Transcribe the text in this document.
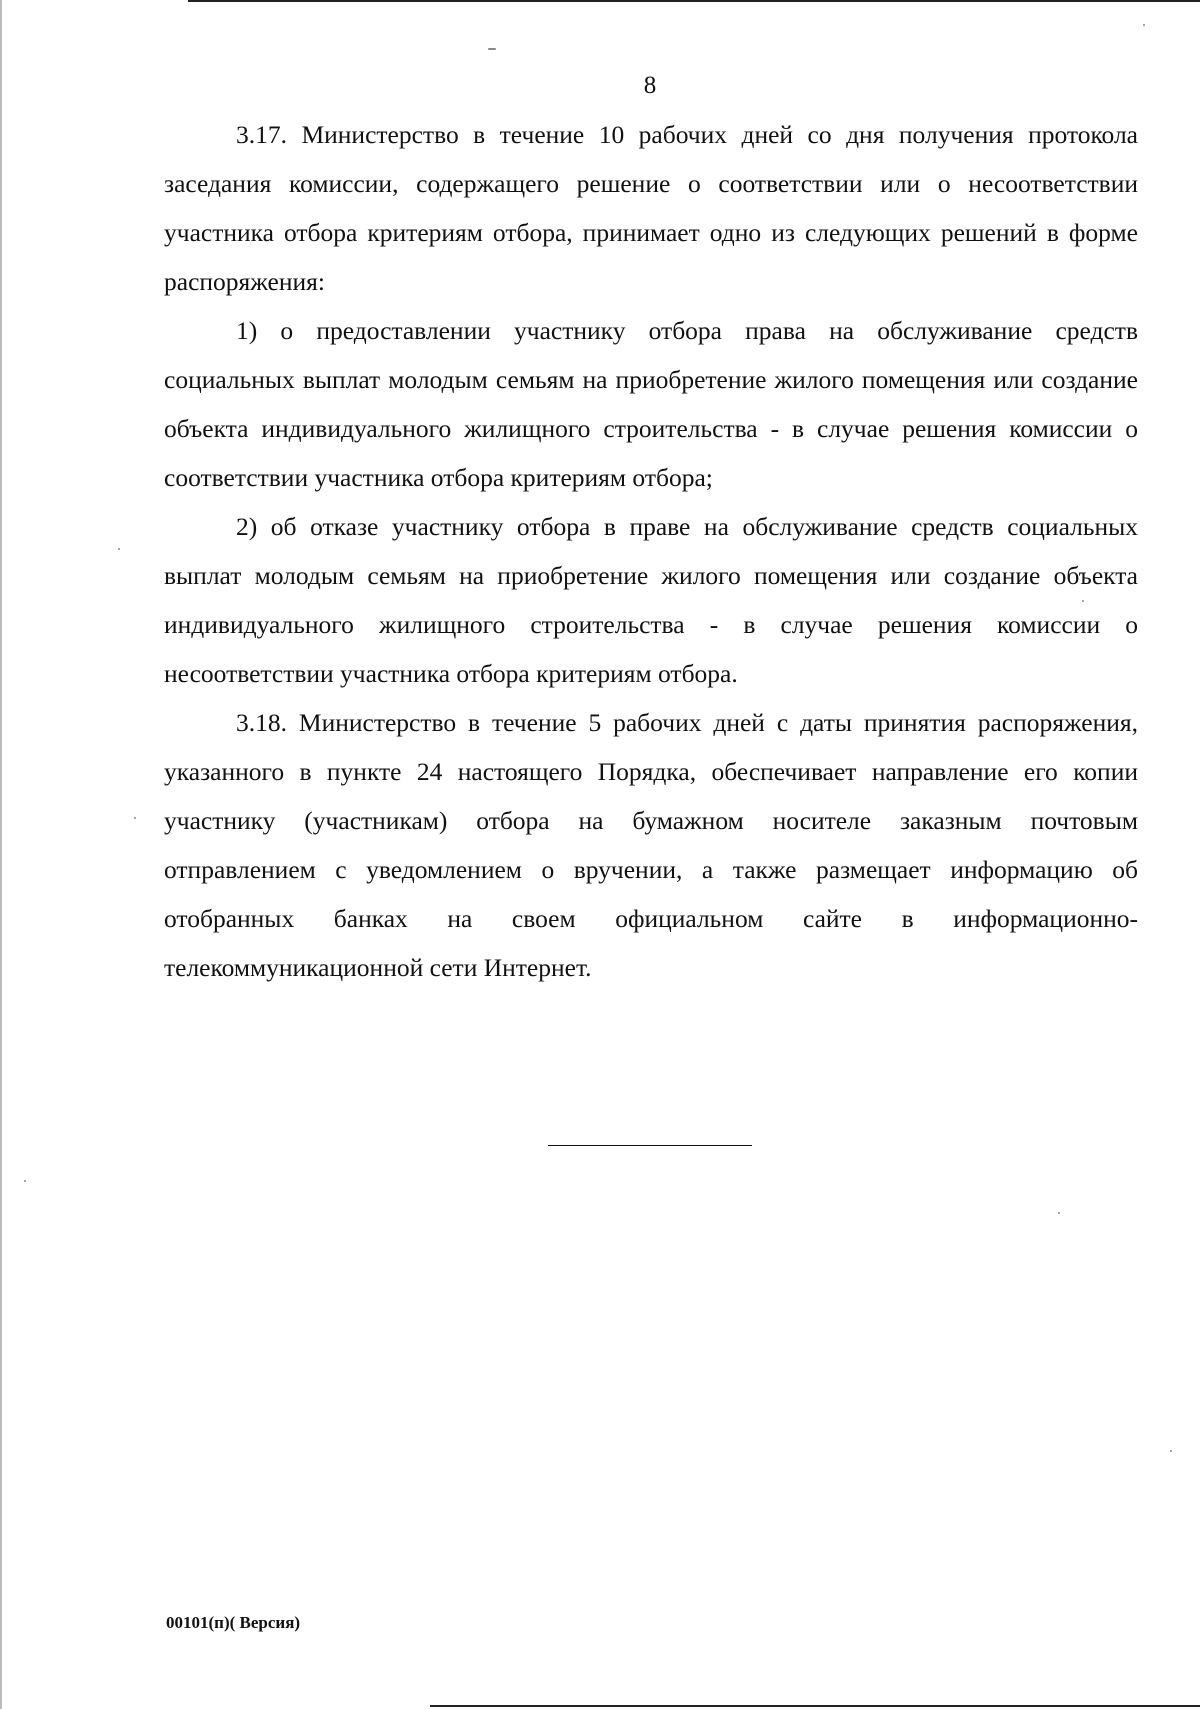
8

3.17. Министерство в течение 10 рабочих дней со дня получения протокола заседания комиссии, содержащего решение о соответствии или о несоответствии участника отбора критериям отбора, принимает одно из следующих решений в форме распоряжения:

1) о предоставлении участнику отбора права на обслуживание средств социальных выплат молодым семьям на приобретение жилого помещения или создание объекта индивидуального жилищного строительства - в случае решения комиссии о соответствии участника отбора критериям отбора;

2) об отказе участнику отбора в праве на обслуживание средств социальных выплат молодым семьям на приобретение жилого помещения или создание объекта индивидуального жилищного строительства - в случае решения комиссии о несоответствии участника отбора критериям отбора.

3.18. Министерство в течение 5 рабочих дней с даты принятия распоряжения, указанного в пункте 24 настоящего Порядка, обеспечивает направление его копии участнику (участникам) отбора на бумажном носителе заказным почтовым отправлением с уведомлением о вручении, а также размещает информацию об отобранных банках на своем официальном сайте в информационно-телекоммуникационной сети Интернет.

00101(п)( Версия)
